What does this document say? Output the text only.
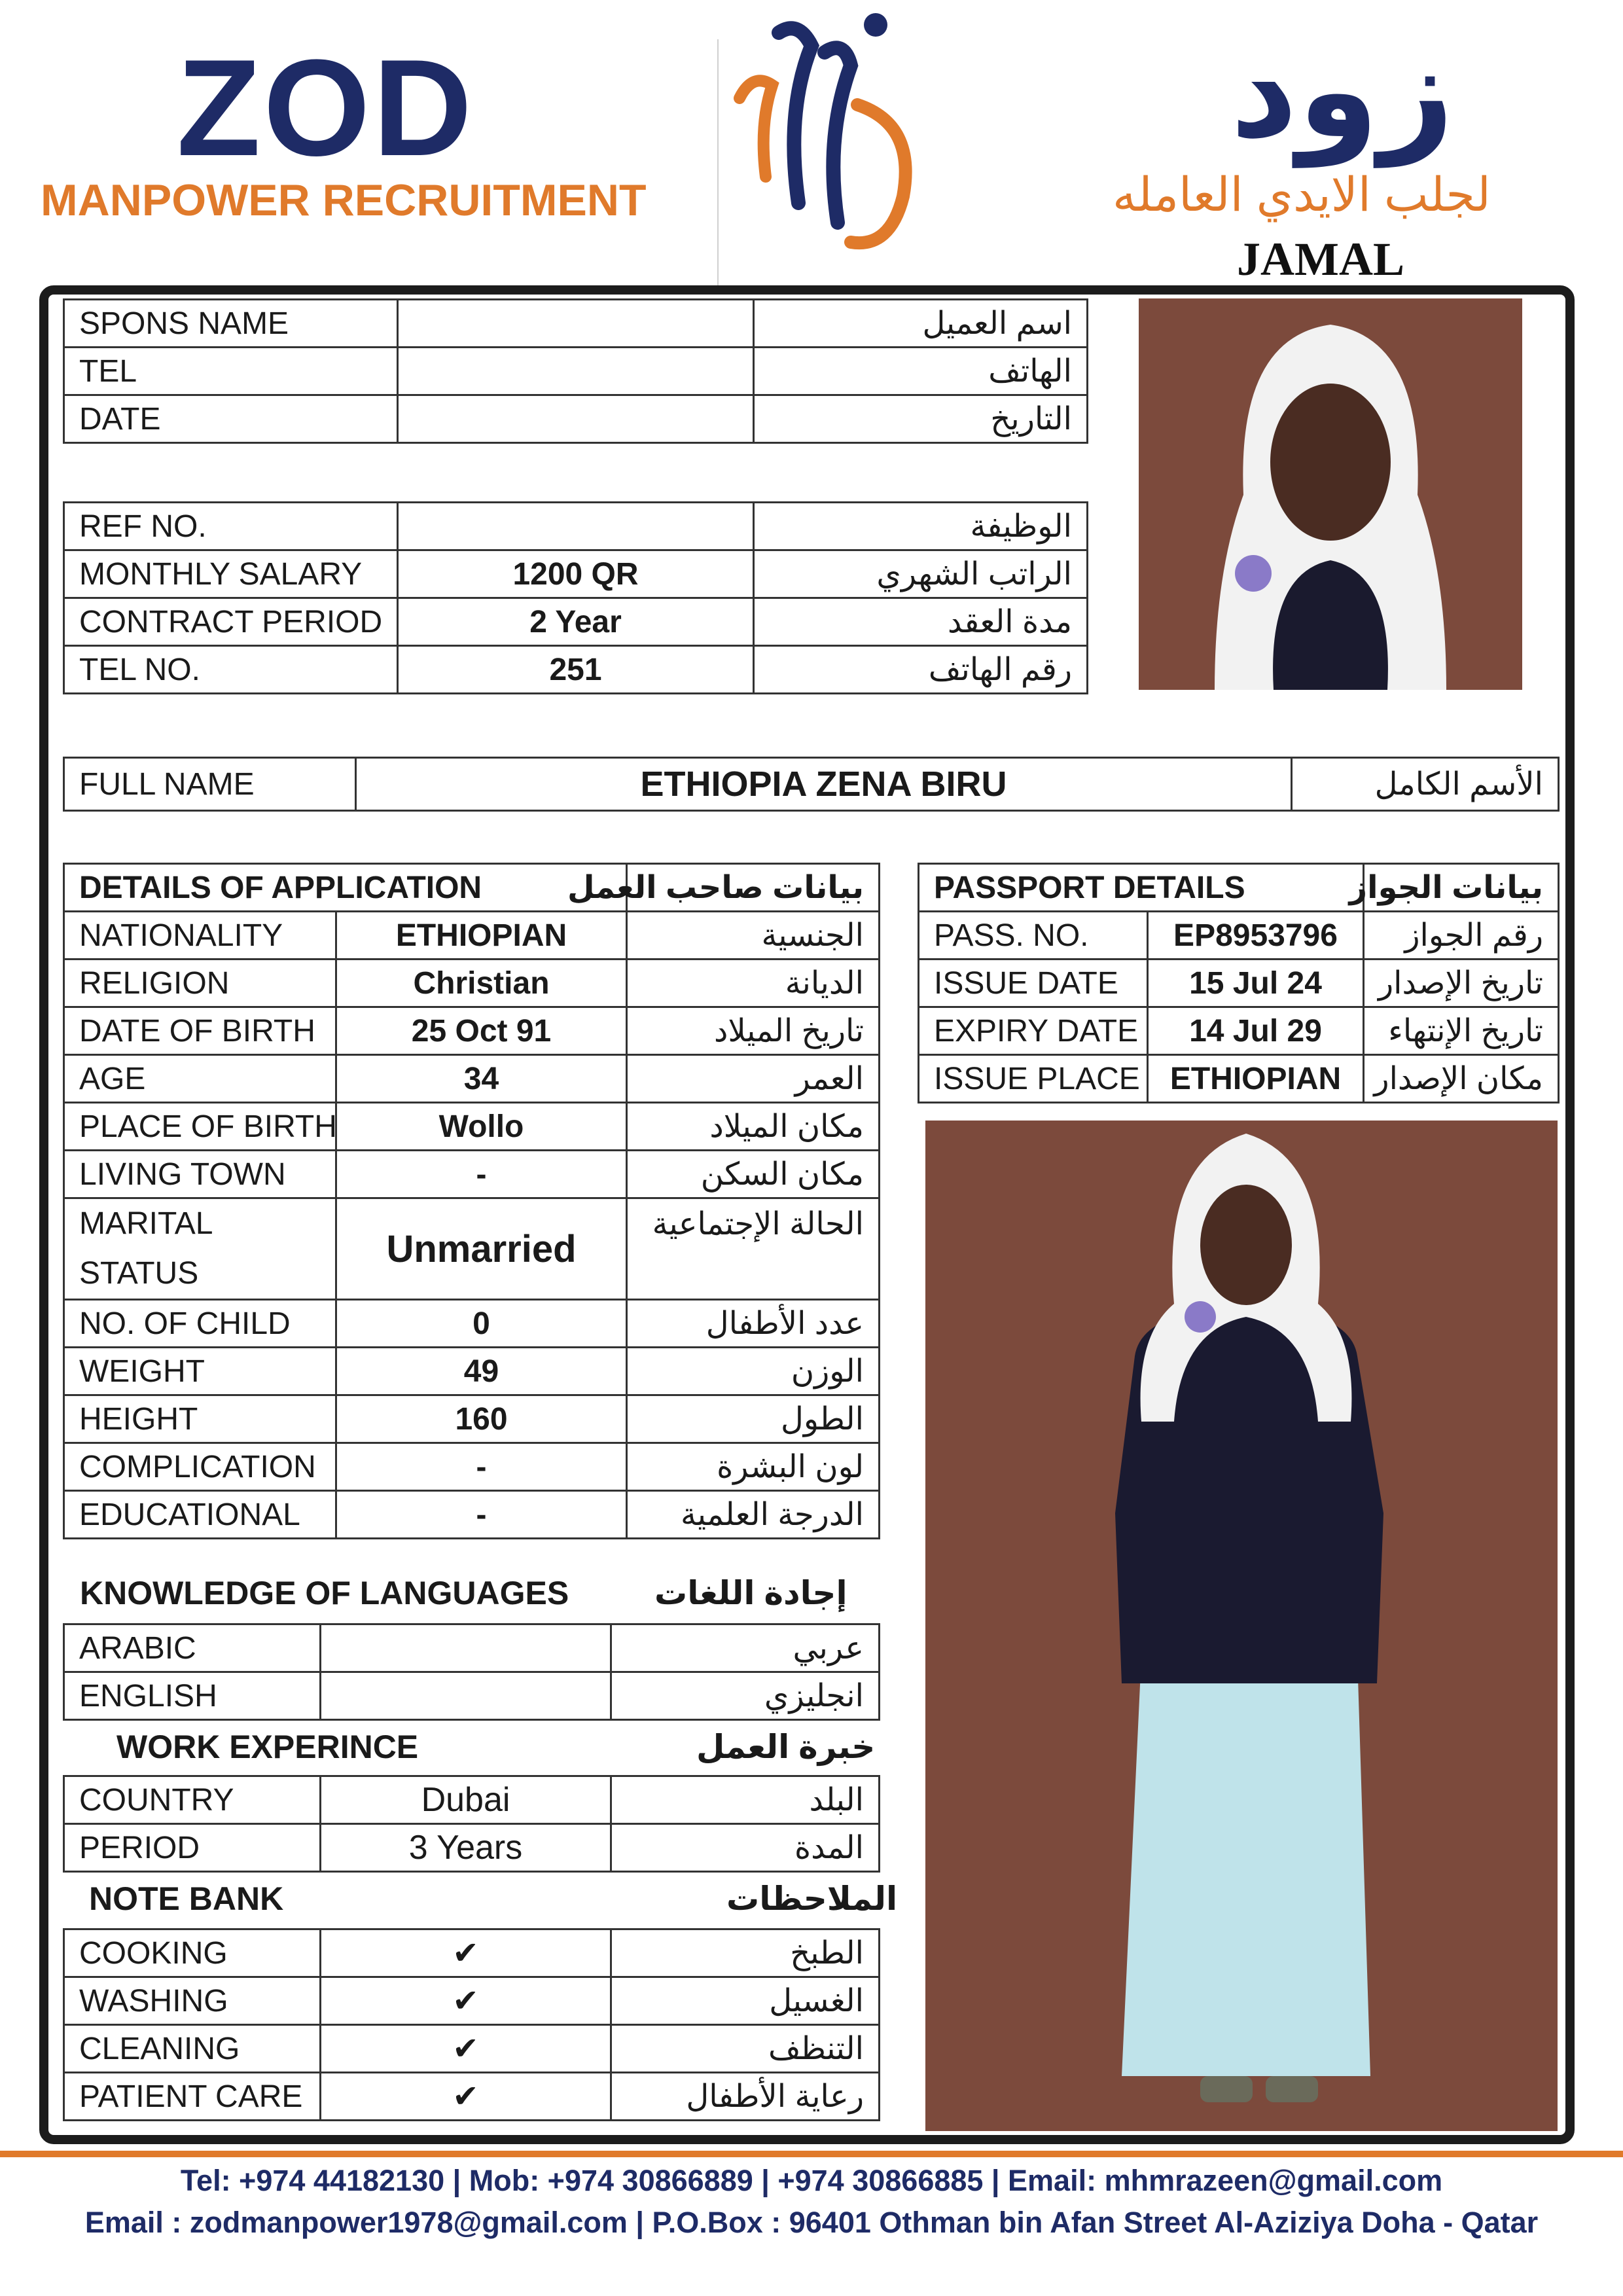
ZOD
MANPOWER RECRUITMENT
زود
لجلب الايدي العامله
JAMAL
SPONS NAME		اسم العميل
TEL		الهاتف
DATE		التاريخ
REF NO.		الوظيفة
MONTHLY SALARY	1200 QR	الراتب الشهري
CONTRACT PERIOD	2 Year	مدة العقد
TEL NO.	251	رقم الهاتف
FULL NAME	ETHIOPIA ZENA BIRU	الأسم الكامل
DETAILS OF APPLICATION		بيانات صاحب العمل
NATIONALITY	ETHIOPIAN	الجنسية
RELIGION	Christian	الديانة
DATE OF BIRTH	25 Oct 91	تاريخ الميلاد
AGE	34	العمر
PLACE OF BIRTH	Wollo	مكان الميلاد
LIVING TOWN	-	مكان السكن
MARITAL
STATUS	Unmarried	الحالة الإجتماعية
NO. OF CHILD	0	عدد الأطفال
WEIGHT	49	الوزن
HEIGHT	160	الطول
COMPLICATION	-	لون البشرة
EDUCATIONAL	-	الدرجة العلمية
KNOWLEDGE OF LANGUAGES	إجادة اللغات
ARABIC		عربي
ENGLISH		انجليزي
WORK EXPERINCE	خبرة العمل
COUNTRY	Dubai	البلد
PERIOD	3 Years	المدة
NOTE BANK	الملاحظات
COOKING	✔	الطبخ
WASHING	✔	الغسيل
CLEANING	✔	التنظف
PATIENT CARE	✔	رعاية الأطفال
PASSPORT DETAILS		بيانات الجواز
PASS. NO.	EP8953796	رقم الجواز
ISSUE DATE	15 Jul 24	تاريخ الإصدار
EXPIRY DATE	14 Jul 29	تاريخ الإنتهاء
ISSUE PLACE	ETHIOPIAN	مكان الإصدار
Tel: +974 44182130 | Mob: +974 30866889 | +974 30866885 | Email: mhmrazeen@gmail.com
Email : zodmanpower1978@gmail.com | P.O.Box : 96401 Othman bin Afan Street Al-Aziziya Doha - Qatar
